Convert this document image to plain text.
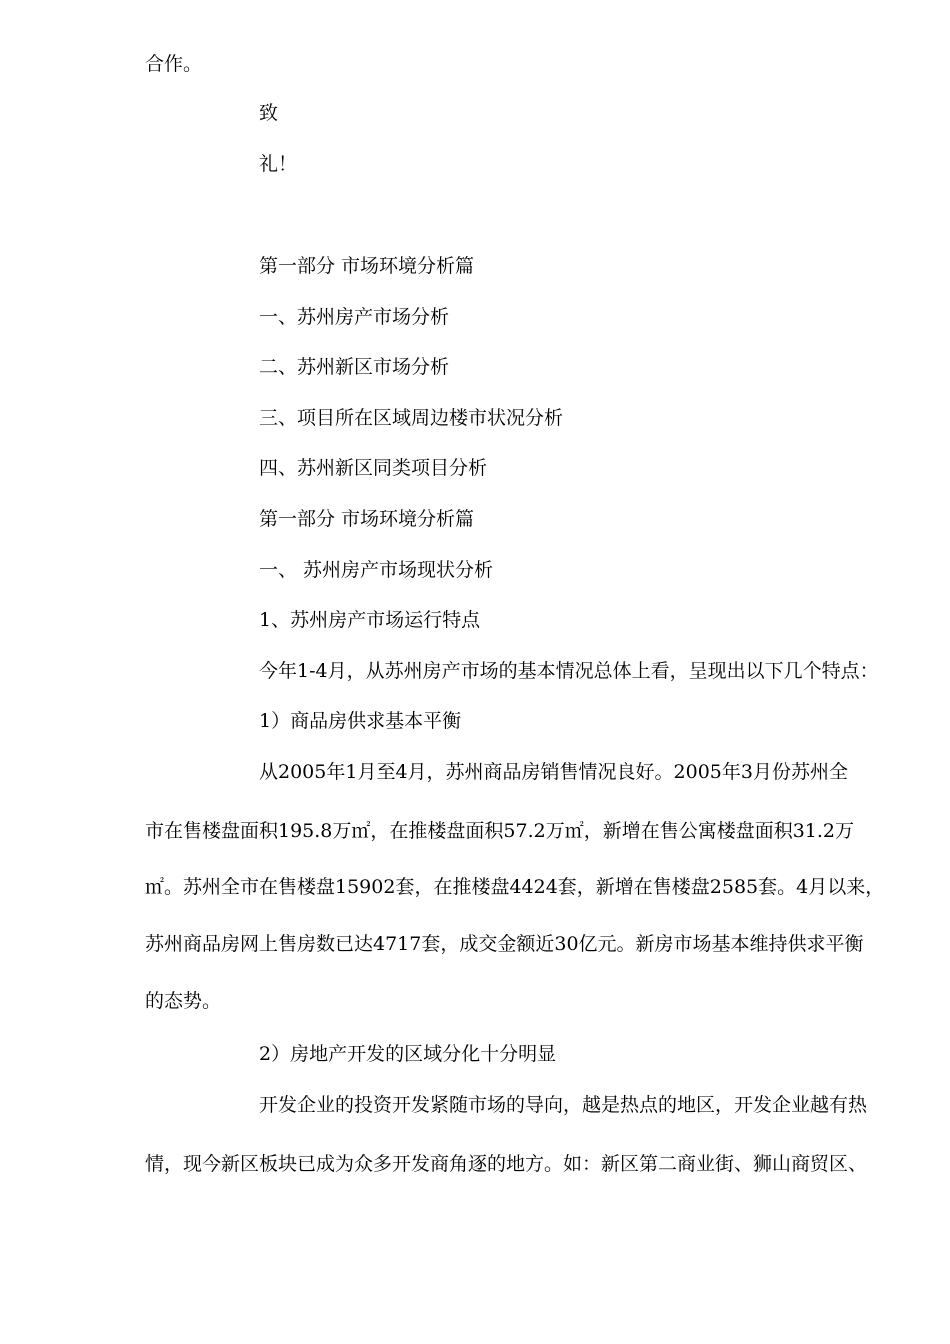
合作。
致
礼！
第一部分 市场环境分析篇
一、苏州房产市场分析
二、苏州新区市场分析
三、项目所在区域周边楼市状况分析
四、苏州新区同类项目分析
第一部分 市场环境分析篇
一、 苏州房产市场现状分析
1、苏州房产市场运行特点
今年1-4月，从苏州房产市场的基本情况总体上看，呈现出以下几个特点：
1）商品房供求基本平衡
从2005年1月至4月，苏州商品房销售情况良好。2005年3月份苏州全
市在售楼盘面积195.8万㎡，在推楼盘面积57.2万㎡，新增在售公寓楼盘面积31.2万
㎡。苏州全市在售楼盘15902套，在推楼盘4424套，新增在售楼盘2585套。4月以来，
苏州商品房网上售房数已达4717套，成交金额近30亿元。新房市场基本维持供求平衡
的态势。
2）房地产开发的区域分化十分明显
开发企业的投资开发紧随市场的导向，越是热点的地区，开发企业越有热
情，现今新区板块已成为众多开发商角逐的地方。如：新区第二商业街、狮山商贸区、
